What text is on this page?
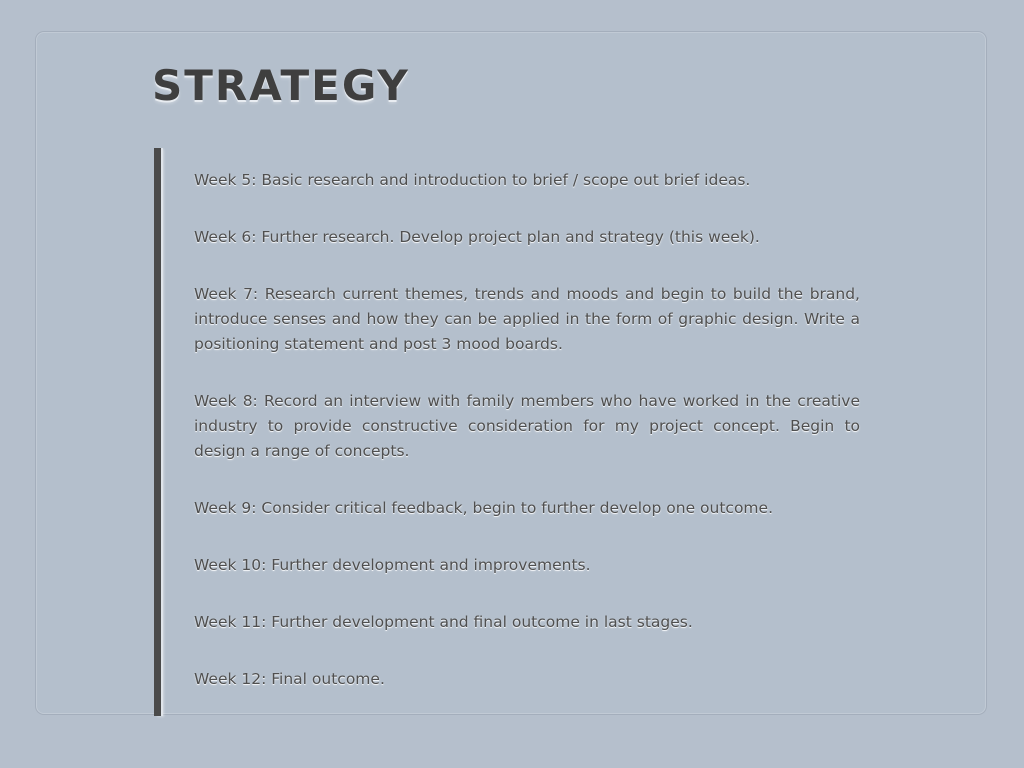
STRATEGY
Week 5: Basic research and introduction to brief / scope out brief ideas.
Week 6: Further research. Develop project plan and strategy (this week).
Week 7: Research current themes, trends and moods and begin to build the brand, introduce senses and how they can be applied in the form of graphic design. Write a positioning statement and post 3 mood boards.
Week 8: Record an interview with family members who have worked in the creative industry to provide constructive consideration for my project concept. Begin to design a range of concepts.
Week 9: Consider critical feedback, begin to further develop one outcome.
Week 10: Further development and improvements.
Week 11: Further development and final outcome in last stages.
Week 12: Final outcome.
